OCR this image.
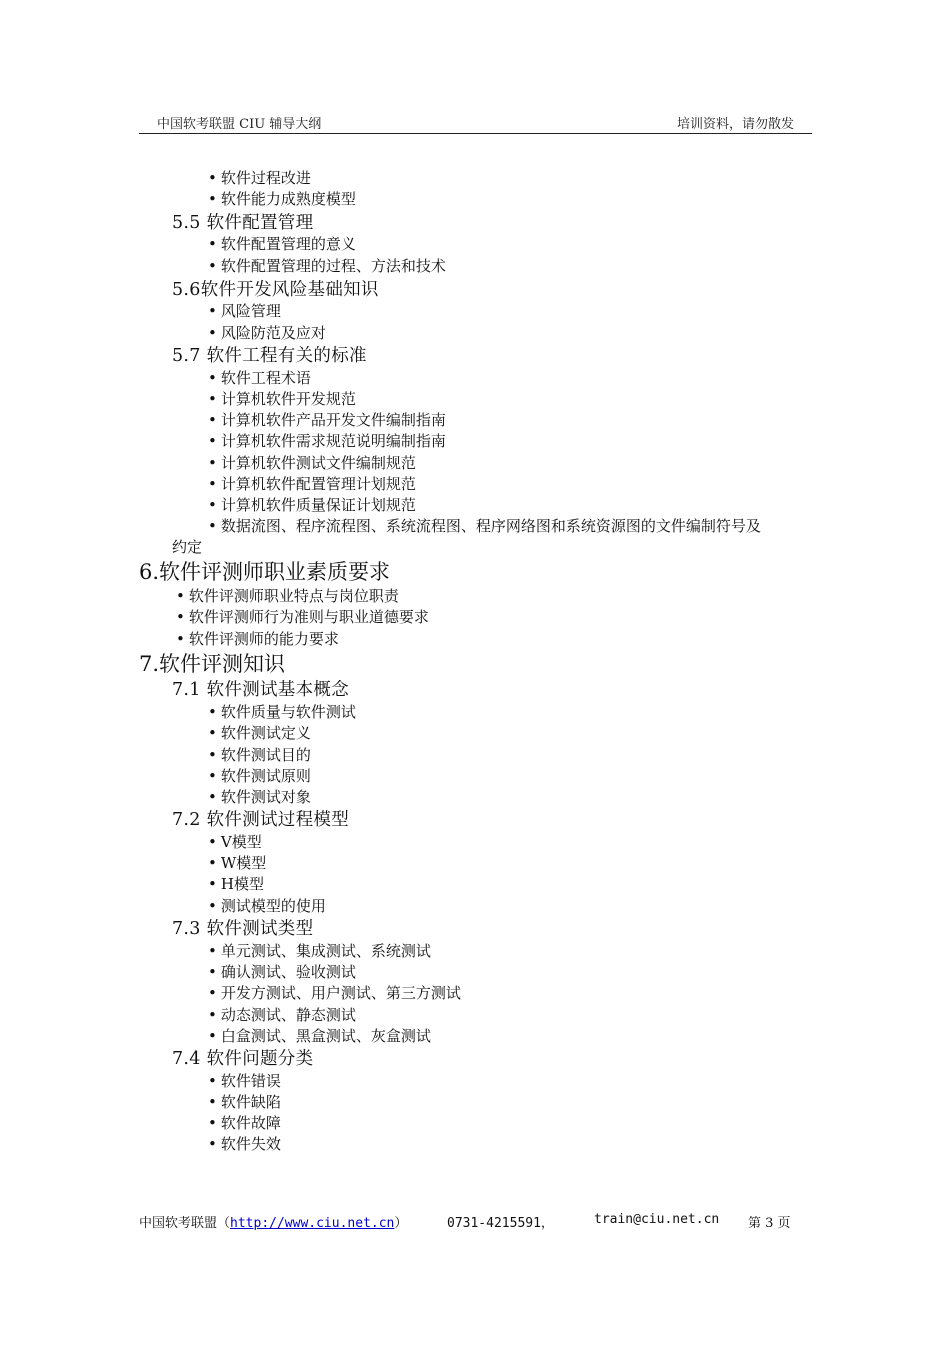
中国软考联盟 CIU 辅导大纲	培训资料，请勿散发
• 软件过程改进
• 软件能力成熟度模型
5.5 软件配置管理
• 软件配置管理的意义
• 软件配置管理的过程、方法和技术
5.6软件开发风险基础知识
• 风险管理
• 风险防范及应对
5.7 软件工程有关的标准
• 软件工程术语
• 计算机软件开发规范
• 计算机软件产品开发文件编制指南
• 计算机软件需求规范说明编制指南
• 计算机软件测试文件编制规范
• 计算机软件配置管理计划规范
• 计算机软件质量保证计划规范
• 数据流图、程序流程图、系统流程图、程序网络图和系统资源图的文件编制符号及
约定
6.软件评测师职业素质要求
• 软件评测师职业特点与岗位职责
• 软件评测师行为准则与职业道德要求
• 软件评测师的能力要求
7.软件评测知识
7.1 软件测试基本概念
• 软件质量与软件测试
• 软件测试定义
• 软件测试目的
• 软件测试原则
• 软件测试对象
7.2 软件测试过程模型
• V模型
• W模型
• H模型
• 测试模型的使用
7.3 软件测试类型
• 单元测试、集成测试、系统测试
• 确认测试、验收测试
• 开发方测试、用户测试、第三方测试
• 动态测试、静态测试
• 白盒测试、黑盒测试、灰盒测试
7.4 软件问题分类
• 软件错误
• 软件缺陷
• 软件故障
• 软件失效
中国软考联盟（http://www.ciu.net.cn）	0731-4215591，	train@ciu.net.cn 第 3 页
